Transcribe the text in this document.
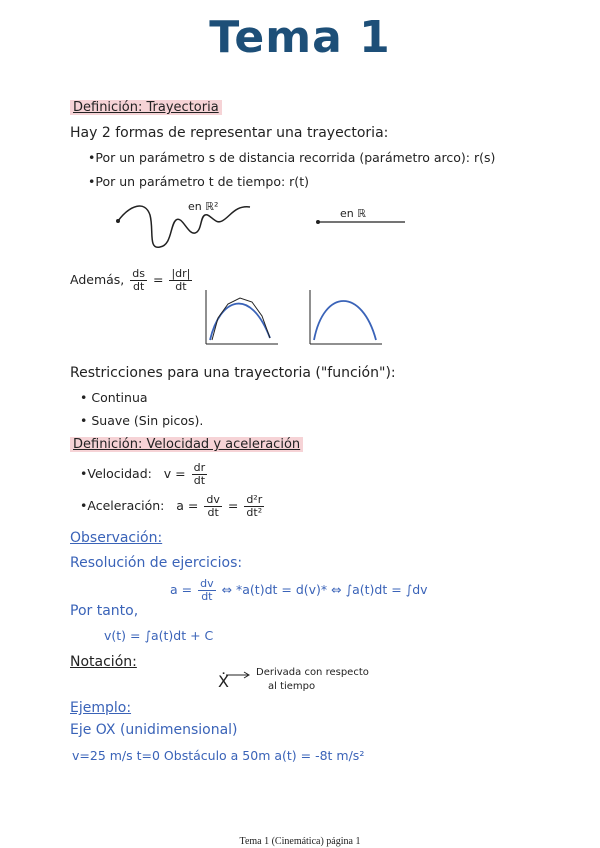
Tema 1
Definición: Trayectoria
Hay 2 formas de representar una trayectoria:
•Por un parámetro s de distancia recorrida (parámetro arco): r(s)
•Por un parámetro t de tiempo: r(t)
en ℝ²
en ℝ
Además, $\frac{ds}{dt} = \frac{|dr|}{dt}$
Restricciones para una trayectoria ("función"):
• Continua
• Suave (Sin picos).
Definición: Velocidad y aceleración
•Velocidad: $v = \frac{dr}{dt}$
•Aceleración: $a = \frac{dv}{dt} = \frac{\text{d²r}}{\text{dt²}}$
Observación:
Resolución de ejercicios:
$a = \frac{dv}{dt}$ ⇔ *a(t)dt = d(v)* ⇔ ∫a(t)dt = ∫dv
Por tanto,
v(t) = ∫a(t)dt + C
Notación:
Ẋ	Derivada con respecto
al tiempo
Ejemplo:
Eje OX (unidimensional)
v=25 m/s t=0 Obstáculo a 50m a(t) = -8t m/s²
Tema 1 (Cinemática) página 1
